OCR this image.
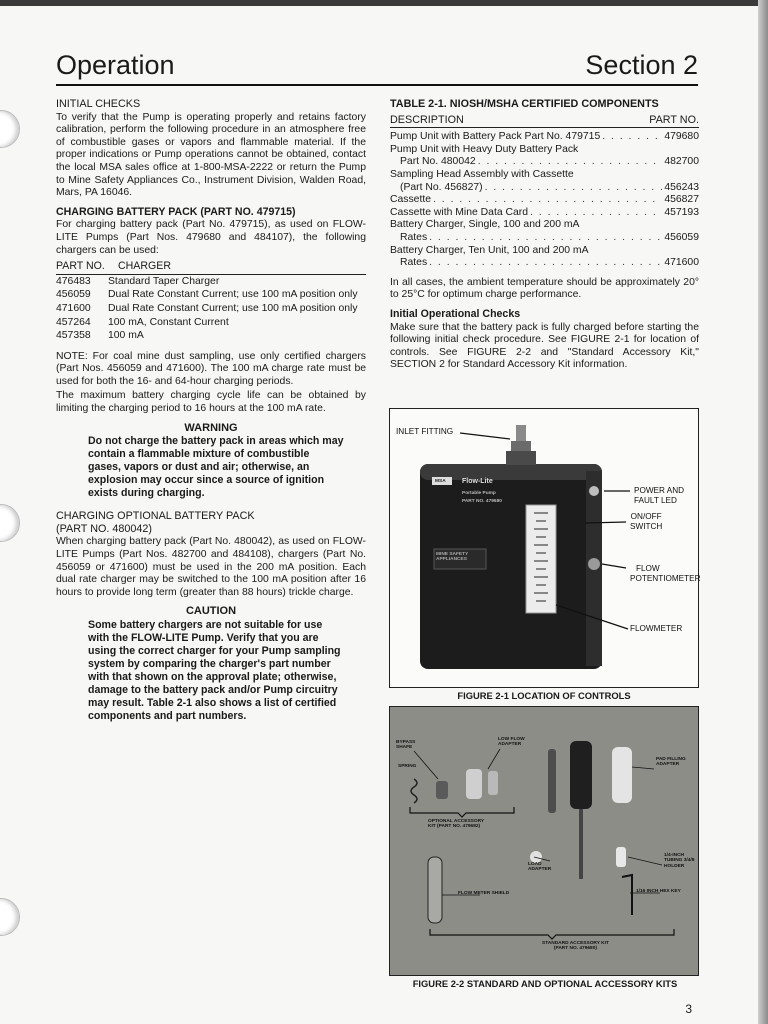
Operation	Section 2
INITIAL CHECKS

To verify that the Pump is operating properly and retains factory calibration, perform the following procedure in an atmosphere free of combustible gases or vapors and flammable material. If the proper indications or Pump operations cannot be obtained, contact the local MSA sales office at 1-800-MSA-2222 or return the Pump to Mine Safety Appliances Co., Instrument Division, Walden Road, Mars, PA 16046.

CHARGING BATTERY PACK (PART NO. 479715)

For charging battery pack (Part No. 479715), as used on FLOW-LITE Pumps (Part Nos. 479680 and 484107), the following chargers can be used:

PART NO.	CHARGER
476483	Standard Taper Charger
456059	Dual Rate Constant Current; use 100 mA position only
471600	Dual Rate Constant Current; use 100 mA position only
457264	100 mA, Constant Current
457358	100 mA

NOTE: For coal mine dust sampling, use only certified chargers (Part Nos. 456059 and 471600). The 100 mA charge rate must be used for both the 16- and 64-hour charging periods.

The maximum battery charging cycle life can be obtained by limiting the charging period to 16 hours at the 100 mA rate.

WARNING
Do not charge the battery pack in areas which may contain a flammable mixture of combustible gases, vapors or dust and air; otherwise, an explosion may occur since a source of ignition exists during charging.
CHARGING OPTIONAL BATTERY PACK
(PART NO. 480042)

When charging battery pack (Part No. 480042), as used on FLOW-LITE Pumps (Part Nos. 482700 and 484108), chargers (Part No. 456059 or 471600) must be used in the 200 mA position. Each dual rate charger may be switched to the 100 mA position after 16 hours to provide long term (greater than 88 hours) trickle charge.

CAUTION
Some battery chargers are not suitable for use with the FLOW-LITE Pump. Verify that you are using the correct charger for your Pump sampling system by comparing the charger's part number with that shown on the approval plate; otherwise, damage to the battery pack and/or Pump circuitry may result. Table 2-1 also shows a list of certified components and part numbers.
TABLE 2-1. NIOSH/MSHA CERTIFIED COMPONENTS
DESCRIPTION	PART NO.
Pump Unit with Battery Pack Part No. 479715 . . .	479680
Pump Unit with Heavy Duty Battery Pack
Part No. 480042 . . .	482700
Sampling Head Assembly with Cassette
(Part No. 456827) . . .	456243
Cassette . . .	456827
Cassette with Mine Data Card . . .	457193
Battery Charger, Single, 100 and 200 mA
Rates . . .	456059
Battery Charger, Ten Unit, 100 and 200 mA
Rates . . .	471600

In all cases, the ambient temperature should be approximately 20° to 25°C for optimum charge performance.

Initial Operational Checks

Make sure that the battery pack is fully charged before starting the following initial check procedure. See FIGURE 2-1 for location of controls. See FIGURE 2-2 and "Standard Accessory Kit," SECTION 2 for Standard Accessory Kit information.

INLET FITTING
POWER AND
FAULT LED
ON/OFF
SWITCH
FLOW
POTENTIOMETER
FLOWMETER
MSA Flow-Lite
Portable Pump
PART NO. 479680
MINE SAFETY APPLIANCES
FIGURE 2-1 LOCATION OF CONTROLS
BYPASS SHAFE
SPRING
LOW FLOW ADAPTER
OPTIONAL ACCESSORY
KIT (PART NO. 479682)
PAD FILLING ADAPTER
LOAD ADAPTER
FLOW METER SHIELD
1/4-INCH TUBING 3/4/8 HOLDER
1/16 INCH HEX KEY
STANDARD ACCESSORY KIT
(PART NO. 479680)
FIGURE 2-2 STANDARD AND OPTIONAL ACCESSORY KITS
3
